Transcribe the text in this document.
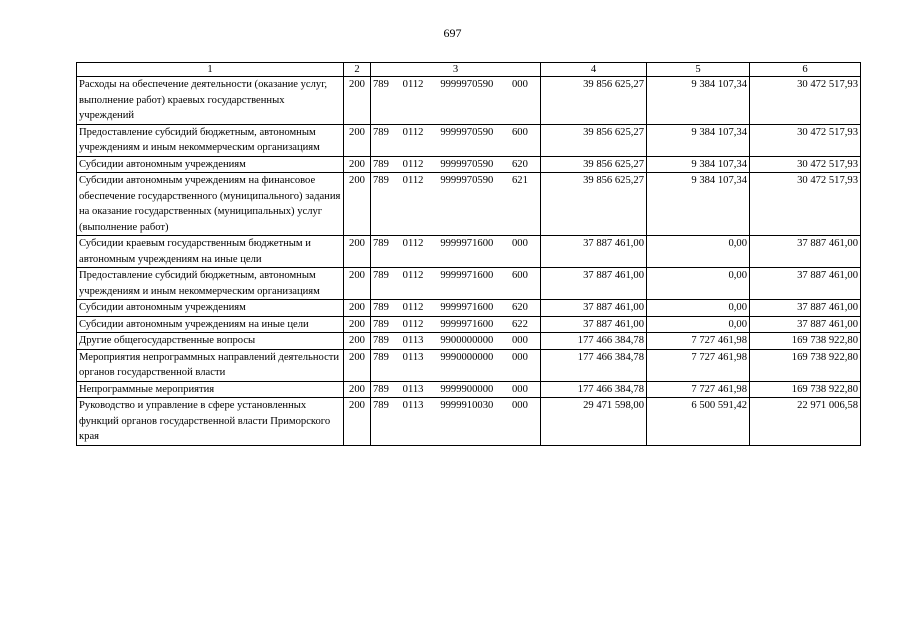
697
1	2	3	4	5	6
Расходы на обеспечение деятельности (оказание услуг, выполнение работ) краевых государственных учреждений	200	789 0112 9999970590 000	39 856 625,27	9 384 107,34	30 472 517,93
Предоставление субсидий бюджетным, автономным учреждениям и иным некоммерческим организациям	200	789 0112 9999970590 600	39 856 625,27	9 384 107,34	30 472 517,93
Субсидии автономным учреждениям	200	789 0112 9999970590 620	39 856 625,27	9 384 107,34	30 472 517,93
Субсидии автономным учреждениям на финансовое обеспечение государственного (муниципального) задания на оказание государственных (муниципальных) услуг (выполнение работ)	200	789 0112 9999970590 621	39 856 625,27	9 384 107,34	30 472 517,93
Субсидии краевым государственным бюджетным и автономным учреждениям на иные цели	200	789 0112 9999971600 000	37 887 461,00	0,00	37 887 461,00
Предоставление субсидий бюджетным, автономным учреждениям и иным некоммерческим организациям	200	789 0112 9999971600 600	37 887 461,00	0,00	37 887 461,00
Субсидии автономным учреждениям	200	789 0112 9999971600 620	37 887 461,00	0,00	37 887 461,00
Субсидии автономным учреждениям на иные цели	200	789 0112 9999971600 622	37 887 461,00	0,00	37 887 461,00
Другие общегосударственные вопросы	200	789 0113 9900000000 000	177 466 384,78	7 727 461,98	169 738 922,80
Мероприятия непрограммных направлений деятельности органов государственной власти	200	789 0113 9990000000 000	177 466 384,78	7 727 461,98	169 738 922,80
Непрограммные мероприятия	200	789 0113 9999900000 000	177 466 384,78	7 727 461,98	169 738 922,80
Руководство и управление в сфере установленных функций органов государственной власти Приморского края	200	789 0113 9999910030 000	29 471 598,00	6 500 591,42	22 971 006,58
